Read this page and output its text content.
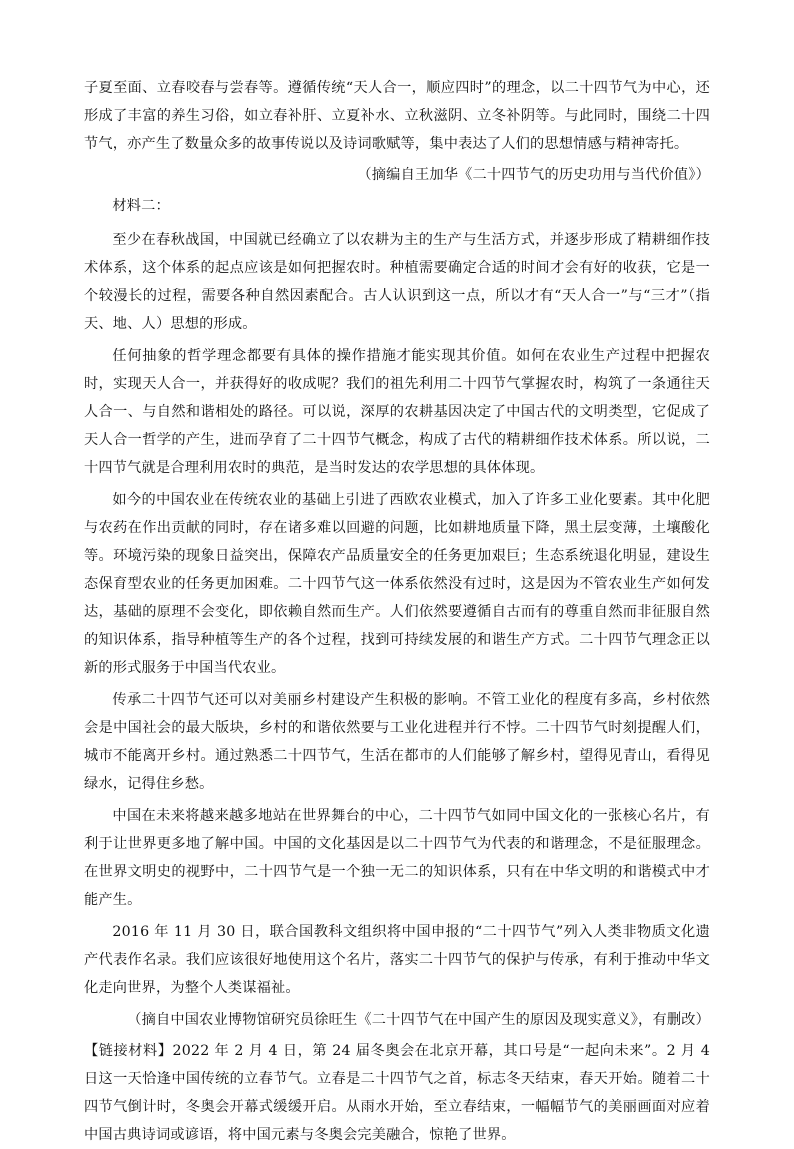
子夏至面、立春咬春与尝春等。遵循传统“天人合一，顺应四时”的理念，以二十四节气为中心，还形成了丰富的养生习俗，如立春补肝、立夏补水、立秋滋阴、立冬补阴等。与此同时，围绕二十四节气，亦产生了数量众多的故事传说以及诗词歌赋等，集中表达了人们的思想情感与精神寄托。

（摘编自王加华《二十四节气的历史功用与当代价值》）

材料二：

至少在春秋战国，中国就已经确立了以农耕为主的生产与生活方式，并逐步形成了精耕细作技术体系，这个体系的起点应该是如何把握农时。种植需要确定合适的时间才会有好的收获，它是一个较漫长的过程，需要各种自然因素配合。古人认识到这一点，所以才有“天人合一”与“三才”（指天、地、人）思想的形成。

任何抽象的哲学理念都要有具体的操作措施才能实现其价值。如何在农业生产过程中把握农时，实现天人合一，并获得好的收成呢？我们的祖先利用二十四节气掌握农时，构筑了一条通往天人合一、与自然和谐相处的路径。可以说，深厚的农耕基因决定了中国古代的文明类型，它促成了天人合一哲学的产生，进而孕育了二十四节气概念，构成了古代的精耕细作技术体系。所以说，二十四节气就是合理利用农时的典范，是当时发达的农学思想的具体体现。

如今的中国农业在传统农业的基础上引进了西欧农业模式，加入了许多工业化要素。其中化肥与农药在作出贡献的同时，存在诸多难以回避的问题，比如耕地质量下降，黑土层变薄，土壤酸化等。环境污染的现象日益突出，保障农产品质量安全的任务更加艰巨；生态系统退化明显，建设生态保育型农业的任务更加困难。二十四节气这一体系依然没有过时，这是因为不管农业生产如何发达，基础的原理不会变化，即依赖自然而生产。人们依然要遵循自古而有的尊重自然而非征服自然的知识体系，指导种植等生产的各个过程，找到可持续发展的和谐生产方式。二十四节气理念正以新的形式服务于中国当代农业。

传承二十四节气还可以对美丽乡村建设产生积极的影响。不管工业化的程度有多高，乡村依然会是中国社会的最大版块，乡村的和谐依然要与工业化进程并行不悖。二十四节气时刻提醒人们，城市不能离开乡村。通过熟悉二十四节气，生活在都市的人们能够了解乡村，望得见青山，看得见绿水，记得住乡愁。

中国在未来将越来越多地站在世界舞台的中心，二十四节气如同中国文化的一张核心名片，有利于让世界更多地了解中国。中国的文化基因是以二十四节气为代表的和谐理念，不是征服理念。在世界文明史的视野中，二十四节气是一个独一无二的知识体系，只有在中华文明的和谐模式中才能产生。

2016 年 11 月 30 日，联合国教科文组织将中国申报的“二十四节气”列入人类非物质文化遗产代表作名录。我们应该很好地使用这个名片，落实二十四节气的保护与传承，有利于推动中华文化走向世界，为整个人类谋福祉。

（摘自中国农业博物馆研究员徐旺生《二十四节气在中国产生的原因及现实意义》，有删改）

【链接材料】2022 年 2 月 4 日，第 24 届冬奥会在北京开幕，其口号是“一起向未来”。2 月 4 日这一天恰逢中国传统的立春节气。立春是二十四节气之首，标志冬天结束，春天开始。随着二十四节气倒计时，冬奥会开幕式缓缓开启。从雨水开始，至立春结束，一幅幅节气的美丽画面对应着中国古典诗词或谚语，将中国元素与冬奥会完美融合，惊艳了世界。
